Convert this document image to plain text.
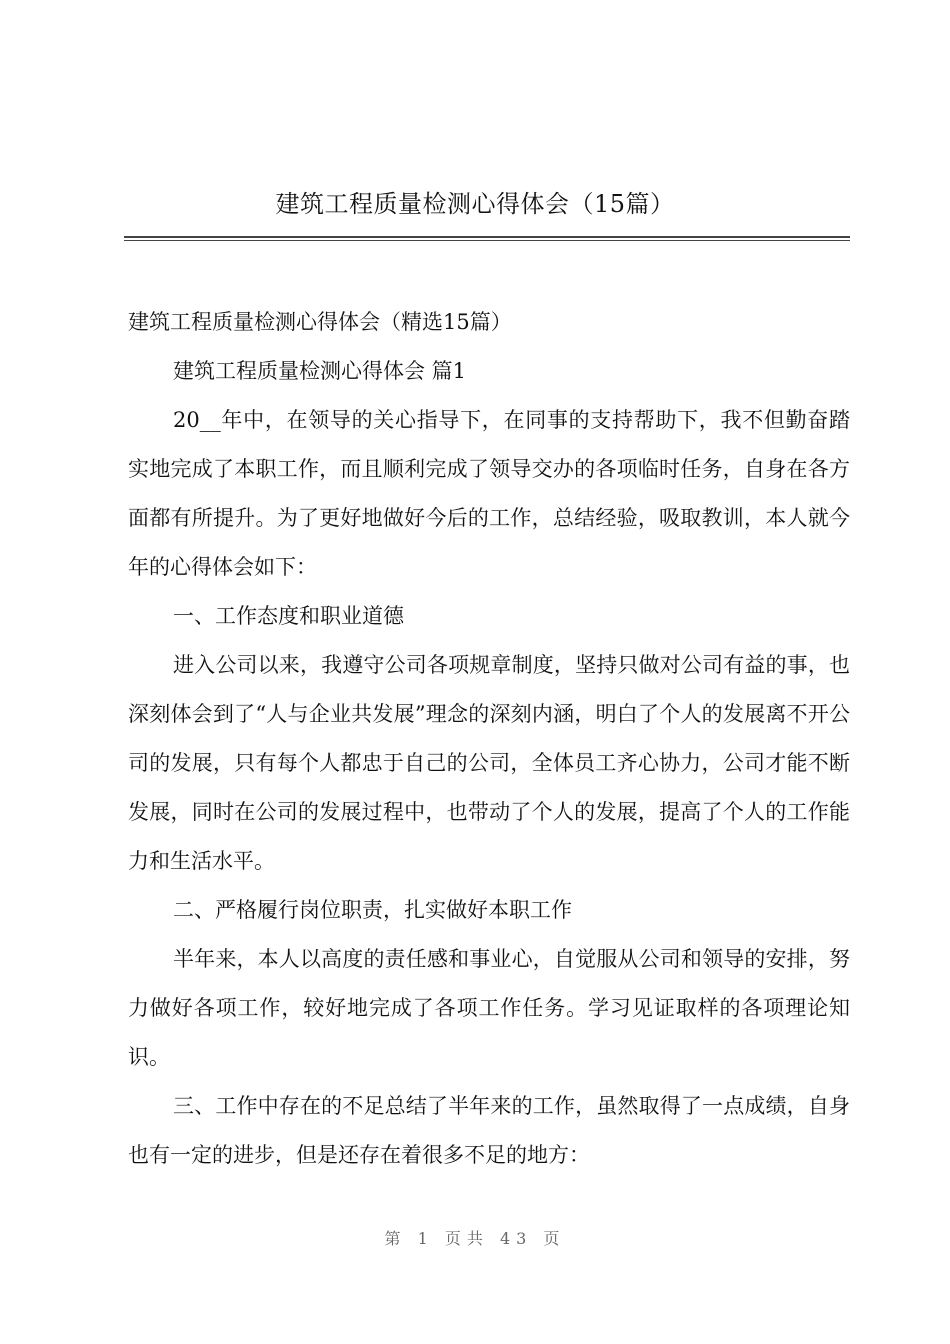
建筑工程质量检测心得体会（15篇）

建筑工程质量检测心得体会（精选15篇）

建筑工程质量检测心得体会 篇1

20__年中，在领导的关心指导下，在同事的支持帮助下，我不但勤奋踏实地完成了本职工作，而且顺利完成了领导交办的各项临时任务，自身在各方面都有所提升。为了更好地做好今后的工作，总结经验，吸取教训，本人就今年的心得体会如下：

一、工作态度和职业道德

进入公司以来，我遵守公司各项规章制度，坚持只做对公司有益的事，也深刻体会到了“人与企业共发展”理念的深刻内涵，明白了个人的发展离不开公司的发展，只有每个人都忠于自己的公司，全体员工齐心协力，公司才能不断发展，同时在公司的发展过程中，也带动了个人的发展，提高了个人的工作能力和生活水平。

二、严格履行岗位职责，扎实做好本职工作

半年来，本人以高度的责任感和事业心，自觉服从公司和领导的安排，努力做好各项工作，较好地完成了各项工作任务。学习见证取样的各项理论知识。

三、工作中存在的不足总结了半年来的工作，虽然取得了一点成绩，自身也有一定的进步，但是还存在着很多不足的地方：

第 1 页共 43 页
